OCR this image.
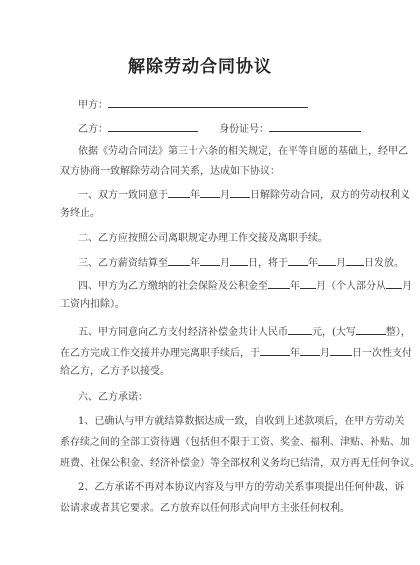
解除劳动合同协议
甲方：
乙方：	身份证号：
依据《劳动合同法》第三十六条的相关规定，在平等自愿的基础上，经甲乙
双方协商一致解除劳动合同关系，达成如下协议：
一、双方一致同意于 年 月 日解除劳动合同，双方的劳动权利义
务终止。
二、乙方应按照公司离职规定办理工作交接及离职手续。
三、乙方薪资结算至 年 月 日，将于 年 月 日发放。
四、甲方为乙方缴纳的社会保险及公积金至 年 月（个人部分从 月
工资内扣除）。
五、甲方同意向乙方支付经济补偿金共计人民币 元，(大写	整），
在乙方完成工作交接并办理完离职手续后，于	年 月 日一次性支付
给乙方，乙方予以接受。
六、乙方承诺：
1、已确认与甲方就结算数据达成一致，自收到上述款项后，在甲方劳动关
系存续之间的全部工资待遇（包括但不限于工资、奖金、福利、津贴、补贴、加
班费、社保公积金、经济补偿金）等全部权利义务均已结清，双方再无任何争议。
2、乙方承诺不再对本协议内容及与甲方的劳动关系事项提出任何仲裁、诉
讼请求或者其它要求。乙方放弃以任何形式向甲方主张任何权利。
